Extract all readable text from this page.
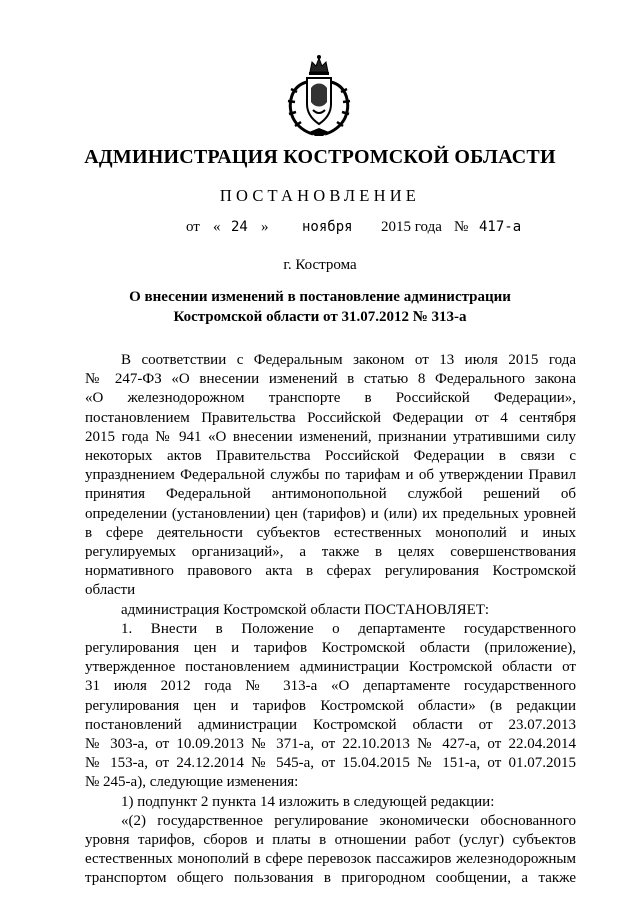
АДМИНИСТРАЦИЯ КОСТРОМСКОЙ ОБЛАСТИ
ПОСТАНОВЛЕНИЕ
от « 24 » ноября 2015 года № 417-а
г. Кострома
О внесении изменений в постановление администрации
Костромской области от 31.07.2012 № 313-а

В соответствии с Федеральным законом от 13 июля 2015 года

№ 247-ФЗ «О внесении изменений в статью 8 Федерального закона

«О железнодорожном транспорте в Российской Федерации»,

постановлением Правительства Российской Федерации от 4 сентября

2015 года № 941 «О внесении изменений, признании утратившими силу

некоторых актов Правительства Российской Федерации в связи с

упразднением Федеральной службы по тарифам и об утверждении Правил

принятия Федеральной антимонопольной службой решений об

определении (установлении) цен (тарифов) и (или) их предельных уровней

в сфере деятельности субъектов естественных монополий и иных

регулируемых организаций», а также в целях совершенствования

нормативного правового акта в сферах регулирования Костромской

области

администрация Костромской области ПОСТАНОВЛЯЕТ:

1. Внести в Положение о департаменте государственного

регулирования цен и тарифов Костромской области (приложение),

утвержденное постановлением администрации Костромской области от

31 июля 2012 года № 313-а «О департаменте государственного

регулирования цен и тарифов Костромской области» (в редакции

постановлений администрации Костромской области от 23.07.2013

№ 303-а, от 10.09.2013 № 371-а, от 22.10.2013 № 427-а, от 22.04.2014

№ 153-а, от 24.12.2014 № 545-а, от 15.04.2015 № 151-а, от 01.07.2015

№ 245-а), следующие изменения:

1) подпункт 2 пункта 14 изложить в следующей редакции:

«(2) государственное регулирование экономически обоснованного

уровня тарифов, сборов и платы в отношении работ (услуг) субъектов

естественных монополий в сфере перевозок пассажиров железнодорожным

транспортом общего пользования в пригородном сообщении, а также
